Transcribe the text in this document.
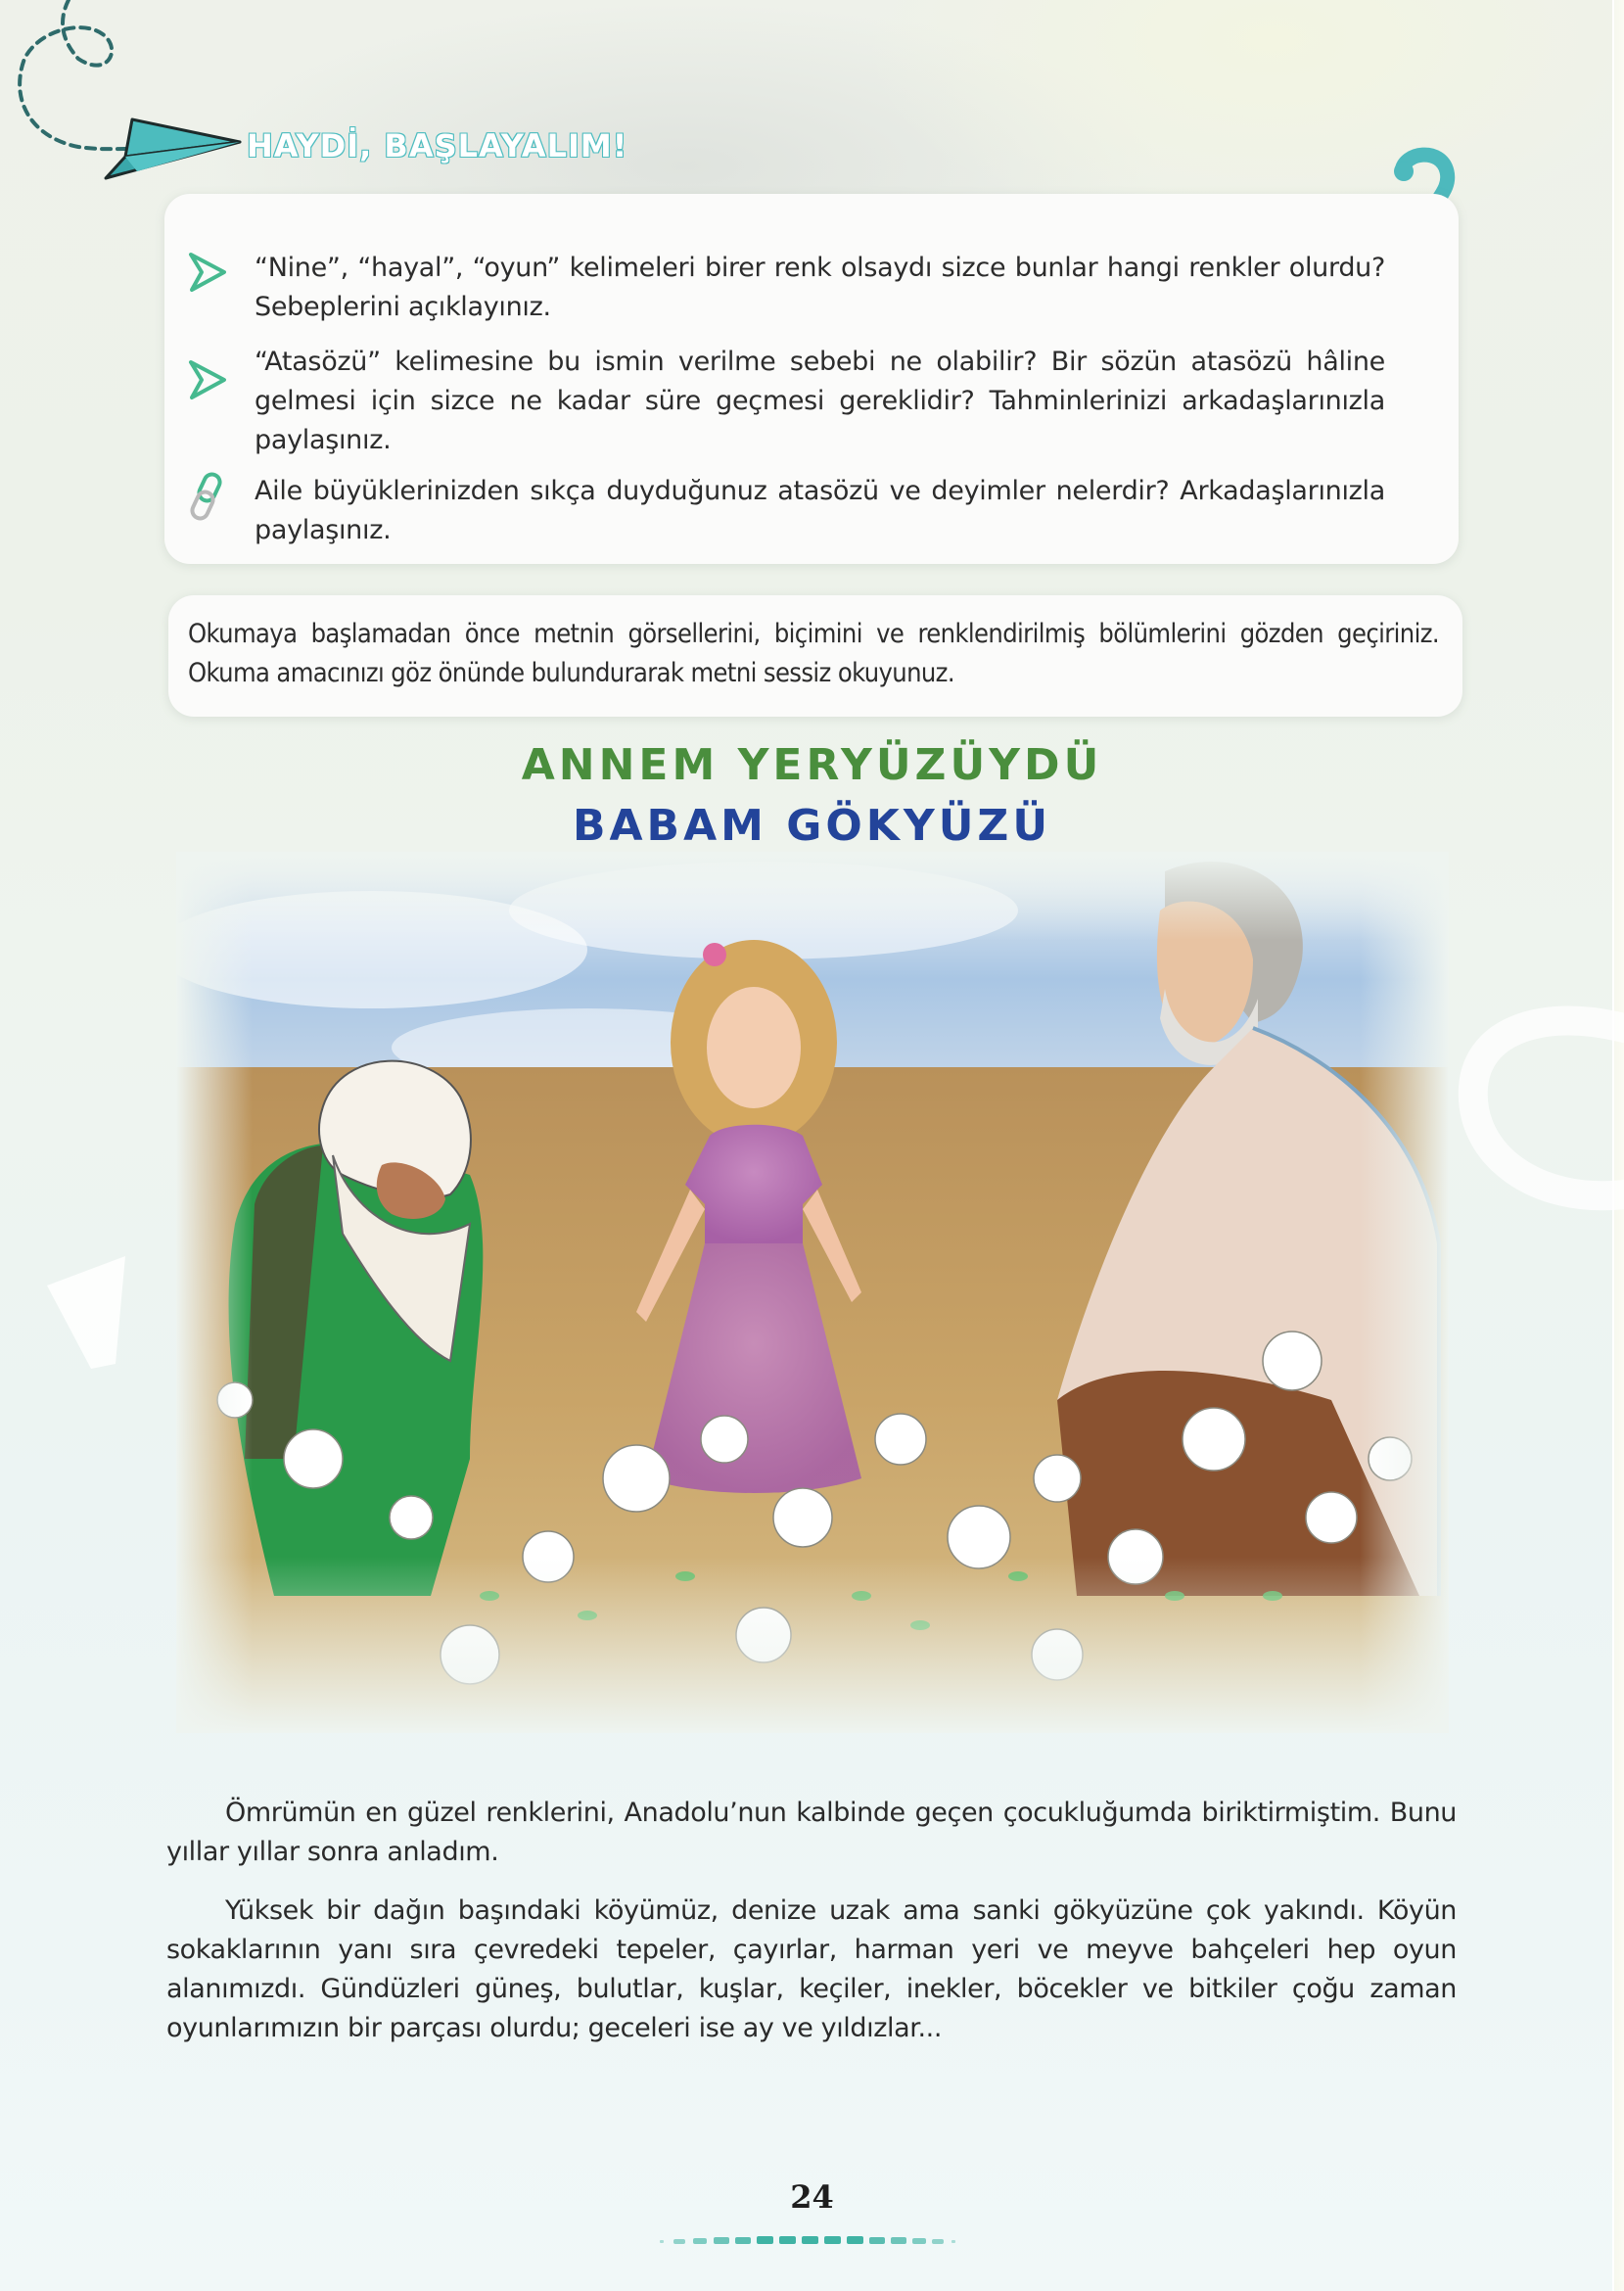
HAYDİ, BAŞLAYALIM!
“Nine”, “hayal”, “oyun” kelimeleri birer renk olsaydı sizce bunlar hangi renkler olurdu? Sebeplerini açıklayınız.
“Atasözü” kelimesine bu ismin verilme sebebi ne olabilir? Bir sözün atasözü hâline gelmesi için sizce ne kadar süre geçmesi gereklidir? Tahminlerinizi arkadaşlarınızla paylaşınız.
Aile büyüklerinizden sıkça duyduğunuz atasözü ve deyimler nelerdir? Arkadaşlarınızla paylaşınız.
Okumaya başlamadan önce metnin görsellerini, biçimini ve renklendirilmiş bölümlerini gözden geçiriniz. Okuma amacınızı göz önünde bulundurarak metni sessiz okuyunuz.
ANNEM YERYÜZÜYDÜ
BABAM GÖKYÜZÜ

Ömrümün en güzel renklerini, Anadolu’nun kalbinde geçen çocukluğumda biriktirmiştim. Bunu yıllar yıllar sonra anladım.

Yüksek bir dağın başındaki köyümüz, denize uzak ama sanki gökyüzüne çok yakındı. Köyün sokaklarının yanı sıra çevredeki tepeler, çayırlar, harman yeri ve meyve bahçeleri hep oyun alanımızdı. Gündüzleri güneş, bulutlar, kuşlar, keçiler, inekler, böcekler ve bitkiler çoğu zaman oyunlarımızın bir parçası olurdu; geceleri ise ay ve yıldızlar...

24
